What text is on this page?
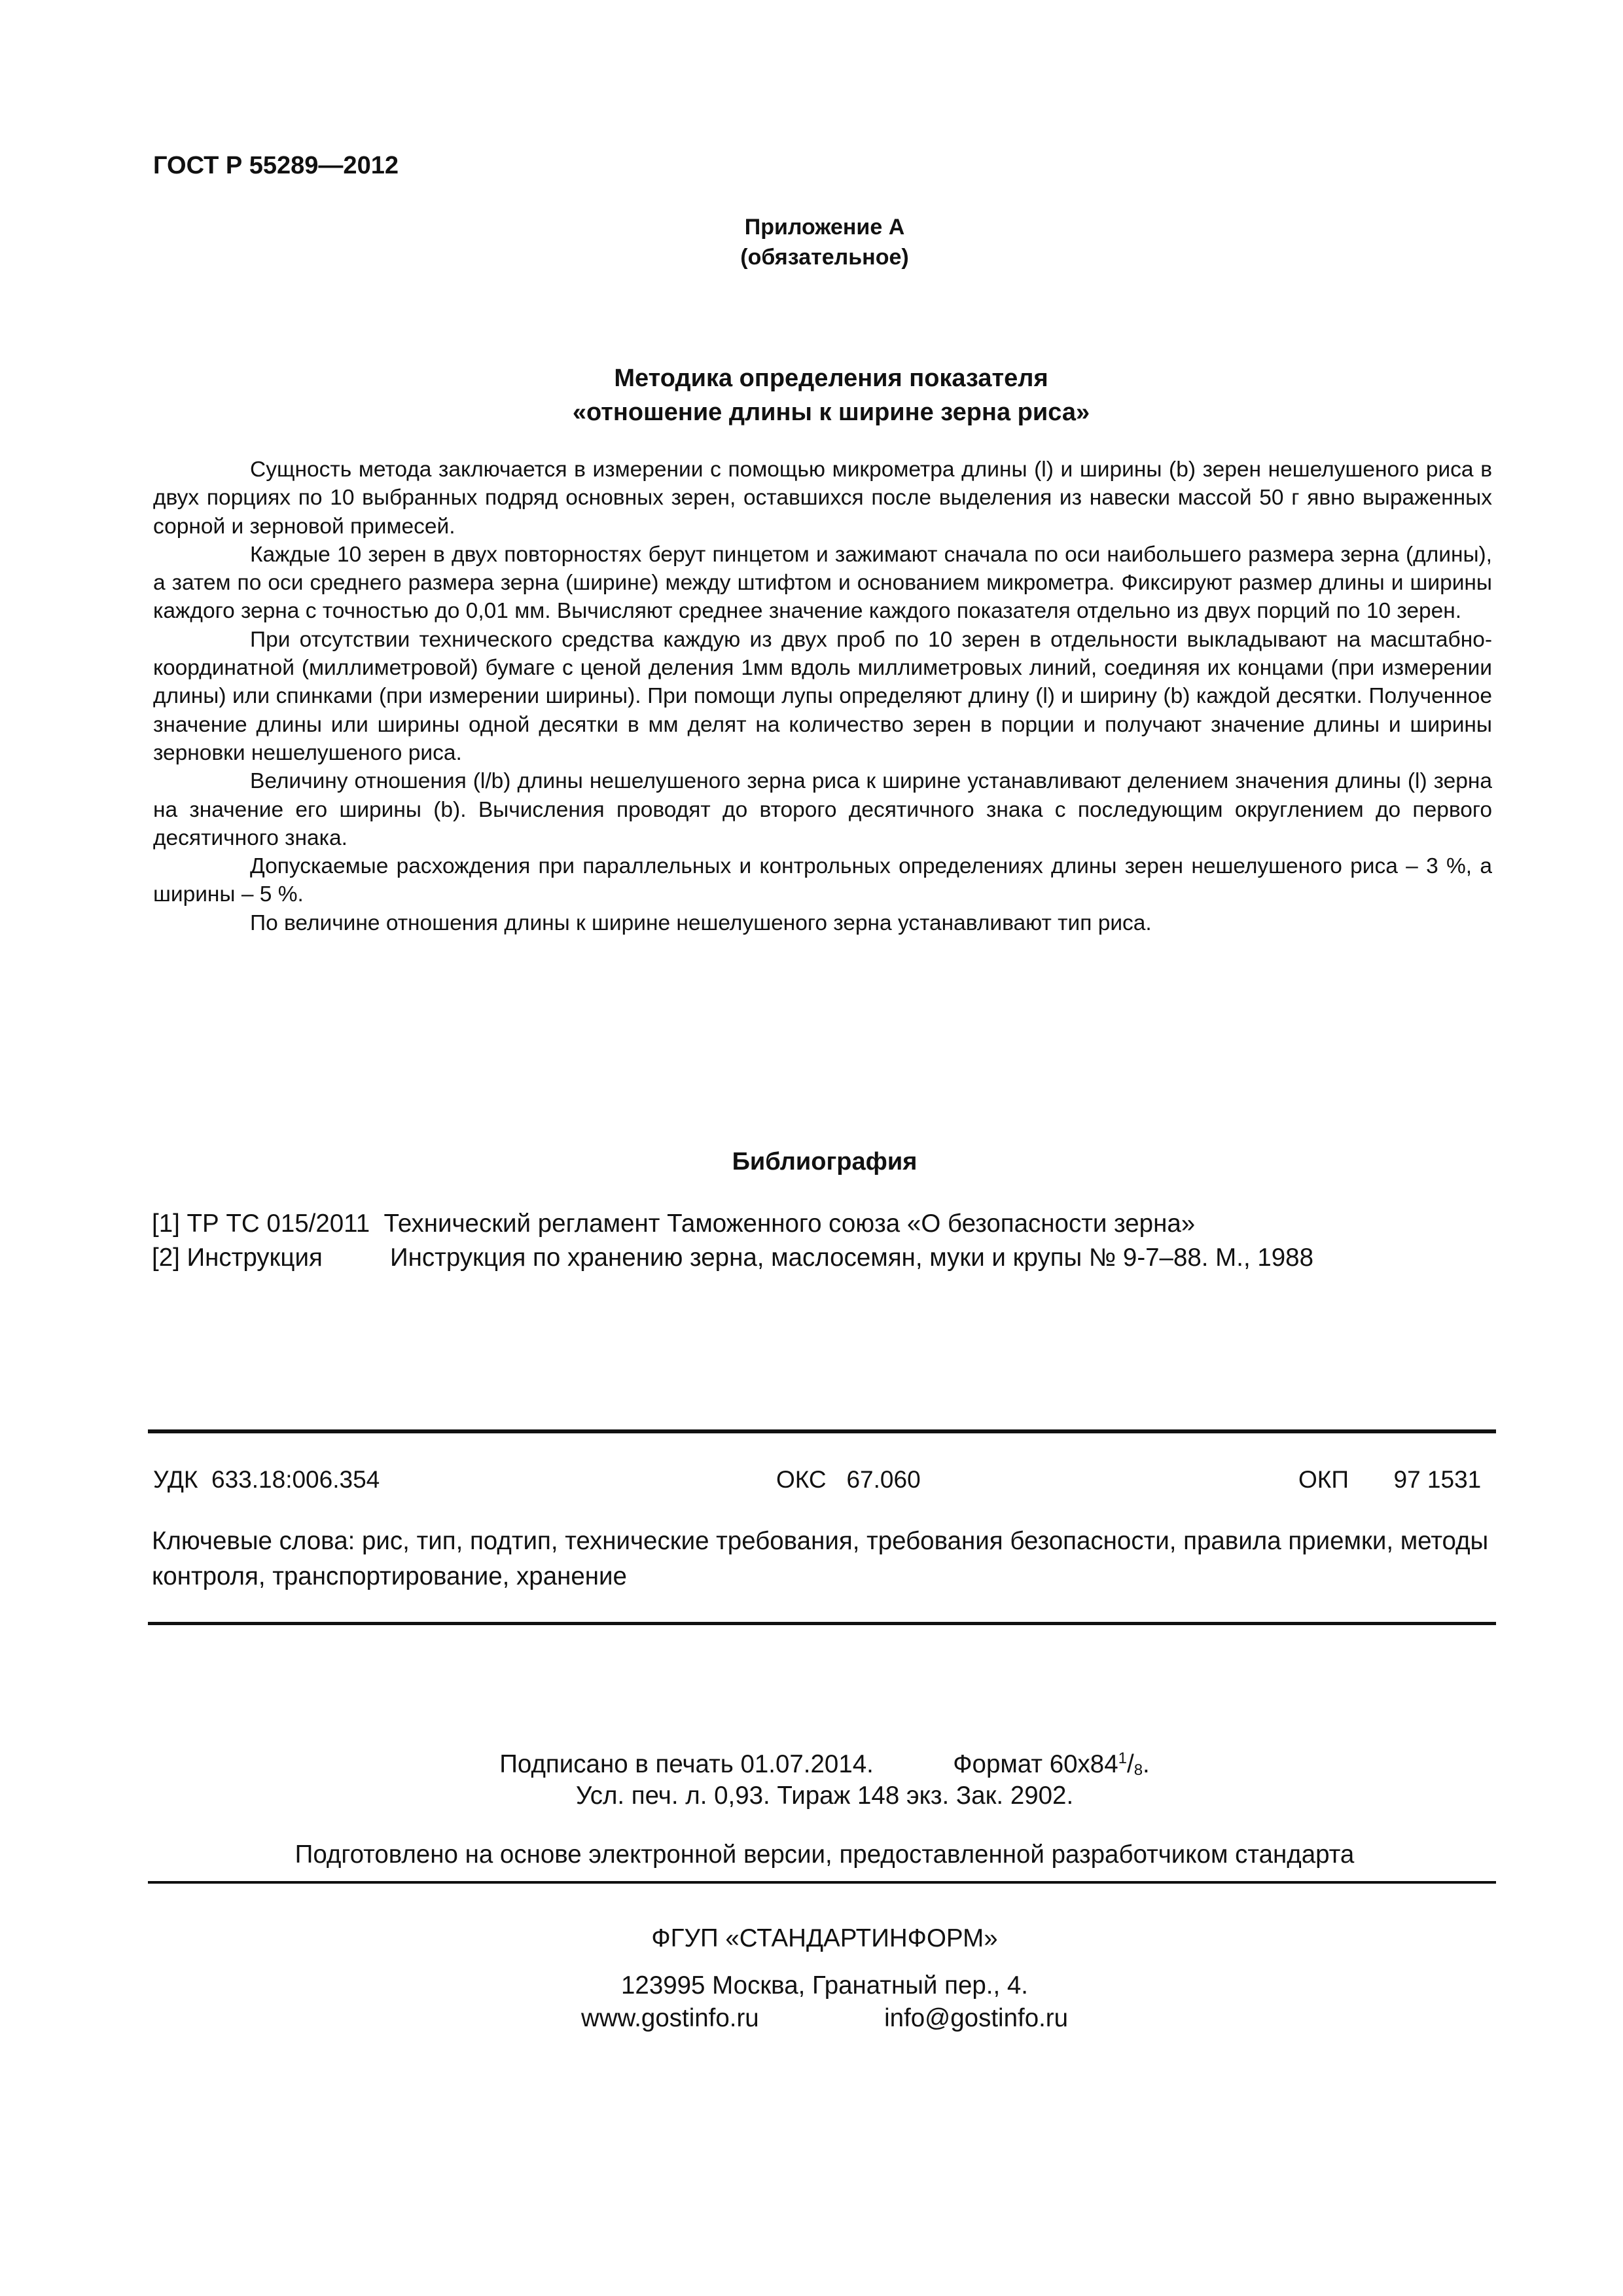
ГОСТ Р 55289—2012
Приложение А
(обязательное)
Методика определения показателя
«отношение длины к ширине зерна риса»

Сущность метода заключается в измерении с помощью микрометра длины (l) и ширины (b) зерен нешелушеного риса в двух порциях по 10 выбранных подряд основных зерен, оставшихся после выделения из навески массой 50 г явно выраженных сорной и зерновой примесей.

Каждые 10 зерен в двух повторностях берут пинцетом и зажимают сначала по оси наибольшего размера зерна (длины), а затем по оси среднего размера зерна (ширине) между штифтом и основанием микрометра. Фиксируют размер длины и ширины каждого зерна с точностью до 0,01 мм. Вычисляют среднее значение каждого показателя отдельно из двух порций по 10 зерен.

При отсутствии технического средства каждую из двух проб по 10 зерен в отдельности выкладывают на масштабно-координатной (миллиметровой) бумаге с ценой деления 1мм вдоль миллиметровых линий, соединяя их концами (при измерении длины) или спинками (при измерении ширины). При помощи лупы определяют длину (l) и ширину (b) каждой десятки. Полученное значение длины или ширины одной десятки в мм делят на количество зерен в порции и получают значение длины и ширины зерновки нешелушеного риса.

Величину отношения (l/b) длины нешелушеного зерна риса к ширине устанавливают делением значения длины (l) зерна на значение его ширины (b). Вычисления проводят до второго десятичного знака с последующим округлением до первого десятичного знака.

Допускаемые расхождения при параллельных и контрольных определениях длины зерен нешелушеного риса – 3 %, а ширины – 5 %.

По величине отношения длины к ширине нешелушеного зерна устанавливают тип риса.

Библиография
[1] ТР ТС 015/2011 Технический регламент Таможенного союза «О безопасности зерна»
[2] Инструкция	Инструкция по хранению зерна, маслосемян, муки и крупы № 9-7–88. М., 1988
УДК 633.18:006.354	ОКС 67.060	ОКП 97 1531
Ключевые слова: рис, тип, подтип, технические требования, требования безопасности, правила приемки, методы контроля, транспортирование, хранение
Подписано в печать 01.07.2014.	Формат $60x84^1/_8$.
Усл. печ. л. 0,93. Тираж 148 экз. Зак. 2902.
Подготовлено на основе электронной версии, предоставленной разработчиком стандарта
ФГУП «СТАНДАРТИНФОРМ»
123995 Москва, Гранатный пер., 4.
www.gostinfo.ru	info@gostinfo.ru
